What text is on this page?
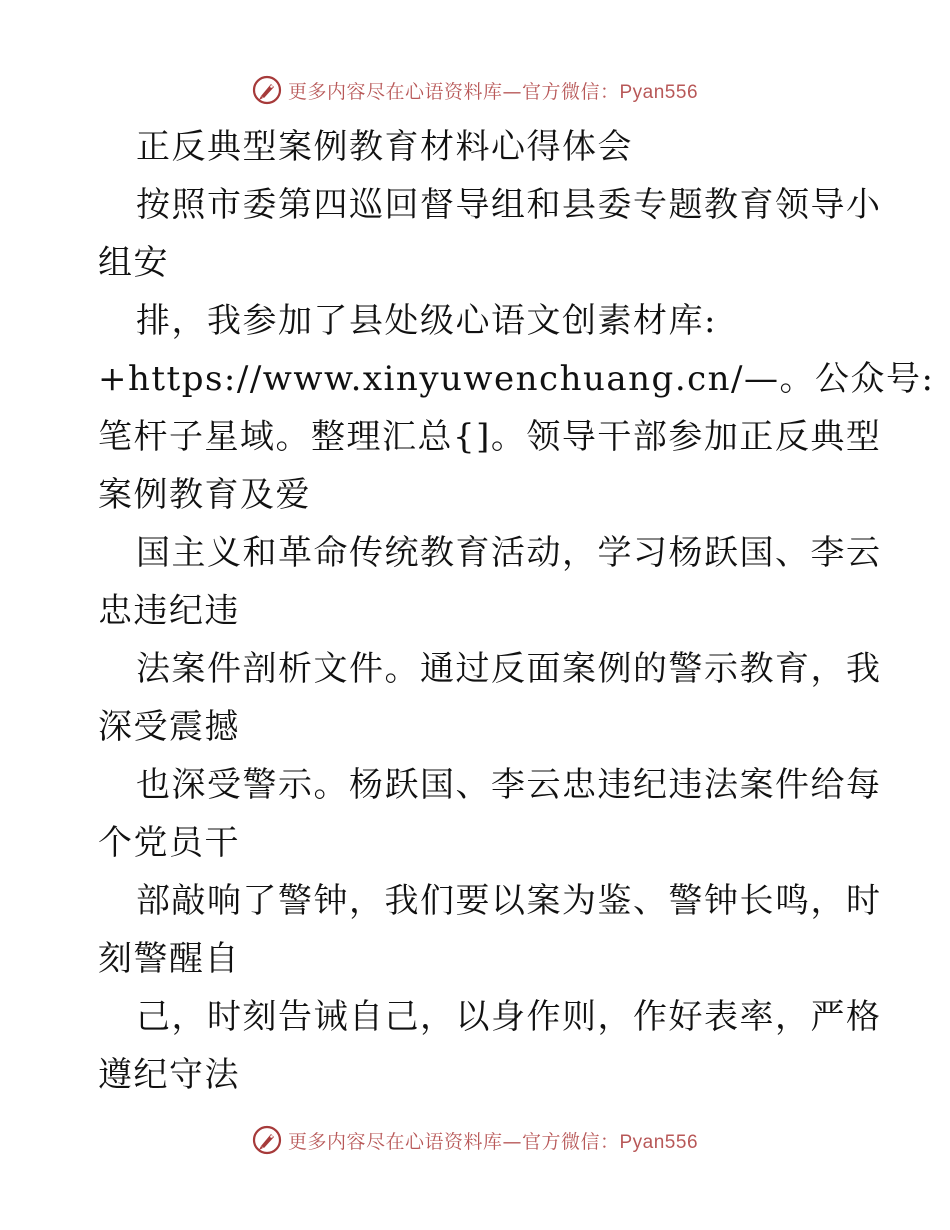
更多内容尽在心语资料库—官方微信：Pyan556
正反典型案例教育材料心得体会
按照市委第四巡回督导组和县委专题教育领导小
组安
排，我参加了县处级心语文创素材库:
+https://www.xinyuwenchuang.cn/—。公众号:
笔杆子星域。整理汇总{]。领导干部参加正反典型
案例教育及爱
国主义和革命传统教育活动，学习杨跃国、李云
忠违纪违
法案件剖析文件。通过反面案例的警示教育，我
深受震撼
也深受警示。杨跃国、李云忠违纪违法案件给每
个党员干
部敲响了警钟，我们要以案为鉴、警钟长鸣，时
刻警醒自
己，时刻告诫自己，以身作则，作好表率，严格
遵纪守法
更多内容尽在心语资料库—官方微信：Pyan556
